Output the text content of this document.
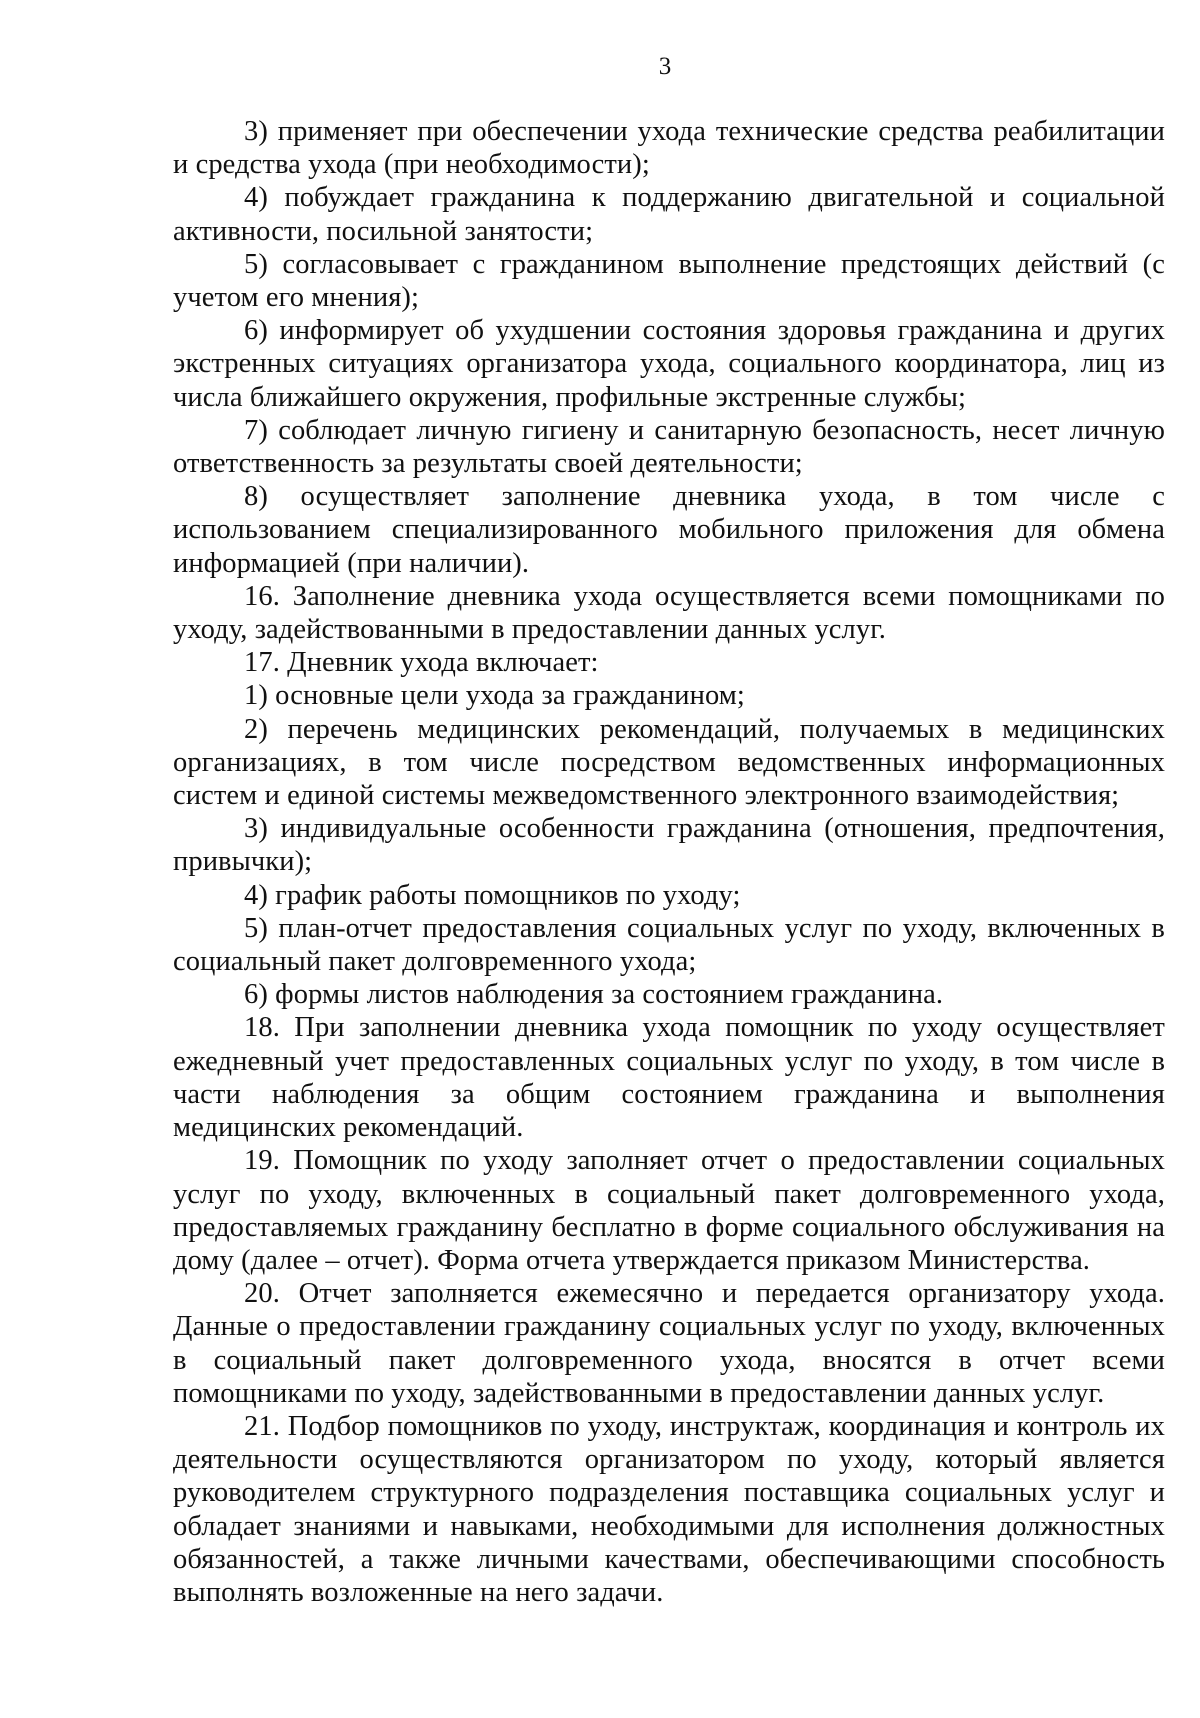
3

3) применяет при обеспечении ухода технические средства реабилитации и средства ухода (при необходимости);

4) побуждает гражданина к поддержанию двигательной и социальной активности, посильной занятости;

5) согласовывает с гражданином выполнение предстоящих действий (с учетом его мнения);

6) информирует об ухудшении состояния здоровья гражданина и других экстренных ситуациях организатора ухода, социального координатора, лиц из числа ближайшего окружения, профильные экстренные службы;

7) соблюдает личную гигиену и санитарную безопасность, несет личную ответственность за результаты своей деятельности;

8) осуществляет заполнение дневника ухода, в том числе с использованием специализированного мобильного приложения для обмена информацией (при наличии).

16. Заполнение дневника ухода осуществляется всеми помощниками по уходу, задействованными в предоставлении данных услуг.

17. Дневник ухода включает:

1) основные цели ухода за гражданином;

2) перечень медицинских рекомендаций, получаемых в медицинских организациях, в том числе посредством ведомственных информационных систем и единой системы межведомственного электронного взаимодействия;

3) индивидуальные особенности гражданина (отношения, предпочтения, привычки);

4) график работы помощников по уходу;

5) план-отчет предоставления социальных услуг по уходу, включенных в социальный пакет долговременного ухода;

6) формы листов наблюдения за состоянием гражданина.

18. При заполнении дневника ухода помощник по уходу осуществляет ежедневный учет предоставленных социальных услуг по уходу, в том числе в части наблюдения за общим состоянием гражданина и выполнения медицинских рекомендаций.

19. Помощник по уходу заполняет отчет о предоставлении социальных услуг по уходу, включенных в социальный пакет долговременного ухода, предоставляемых гражданину бесплатно в форме социального обслуживания на дому (далее – отчет). Форма отчета утверждается приказом Министерства.

20. Отчет заполняется ежемесячно и передается организатору ухода. Данные о предоставлении гражданину социальных услуг по уходу, включенных в социальный пакет долговременного ухода, вносятся в отчет всеми помощниками по уходу, задействованными в предоставлении данных услуг.

21. Подбор помощников по уходу, инструктаж, координация и контроль их деятельности осуществляются организатором по уходу, который является руководителем структурного подразделения поставщика социальных услуг и обладает знаниями и навыками, необходимыми для исполнения должностных обязанностей, а также личными качествами, обеспечивающими способность выполнять возложенные на него задачи.
